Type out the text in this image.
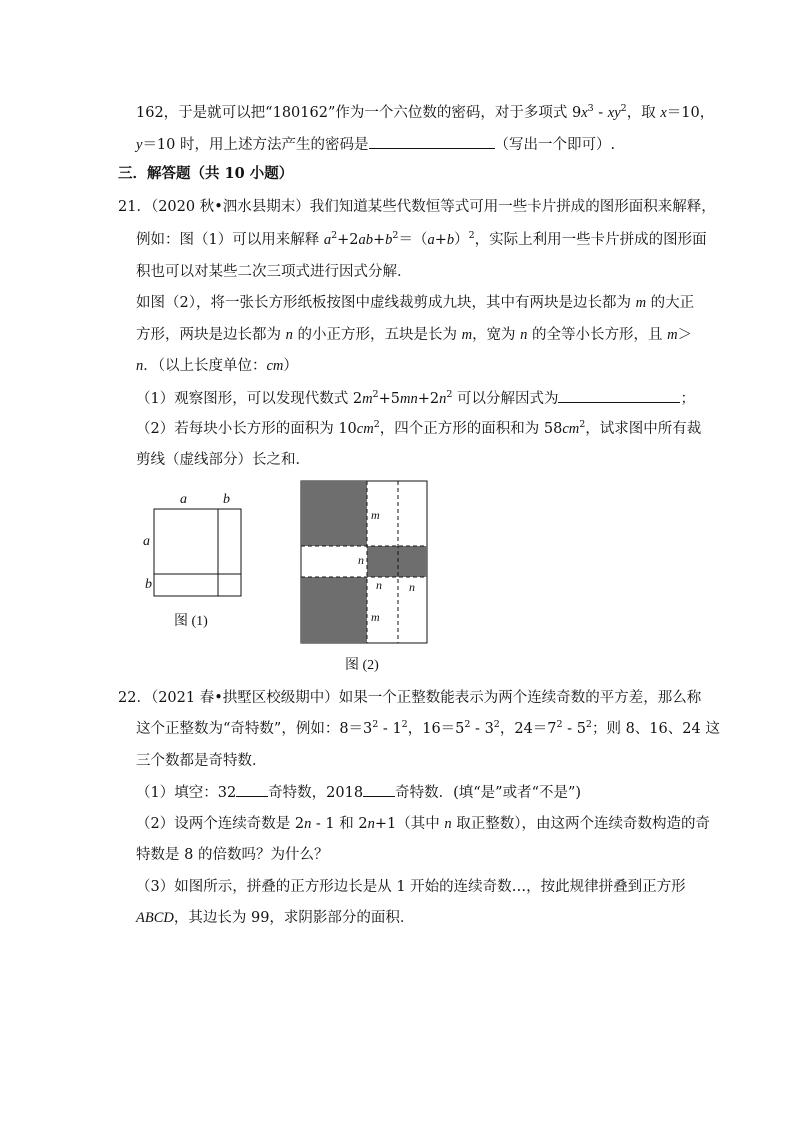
162，于是就可以把“180162”作为一个六位数的密码，对于多项式 $9x^3 - xy^2$，取 x＝10，
y＝10 时，用上述方法产生的密码是	（写出一个即可）.
三．解答题（共 10 小题）
21．（2020 秋•泗水县期末）我们知道某些代数恒等式可用一些卡片拼成的图形面积来解释，
例如：图（1）可以用来解释 $a^2+2ab+b^2=(a+b)^2$，实际上利用一些卡片拼成的图形面
积也可以对某些二次三项式进行因式分解．
如图（2），将一张长方形纸板按图中虚线裁剪成九块，其中有两块是边长都为 m 的大正
方形，两块是边长都为 n 的小正方形，五块是长为 m，宽为 n 的全等小长方形，且 m＞
n．（以上长度单位：cm）
（1）观察图形，可以发现代数式 $2m^2+5mn+2n^2$ 可以分解因式为	；
（2）若每块小长方形的面积为 $10cm^2$，四个正方形的面积和为 $58cm^2$，试求图中所有裁
剪线（虚线部分）长之和．
a	b
a
b
图 (1)
m
n
n n
m
图 (2)
22．（2021 春•拱墅区校级期中）如果一个正整数能表示为两个连续奇数的平方差，那么称
这个正整数为“奇特数”，例如：$8=3^2 - 1^2$，$16=5^2 - 3^2$，$24=7^2 - 5^2$；则 8、16、24 这
三个数都是奇特数．
（1）填空：32 奇特数，2018 奇特数．(填“是”或者“不是”)
（2）设两个连续奇数是 2n - 1 和 2n+1（其中 n 取正整数），由这两个连续奇数构造的奇
特数是 8 的倍数吗？为什么？
（3）如图所示，拼叠的正方形边长是从 1 开始的连续奇数…，按此规律拼叠到正方形
ABCD，其边长为 99，求阴影部分的面积．
